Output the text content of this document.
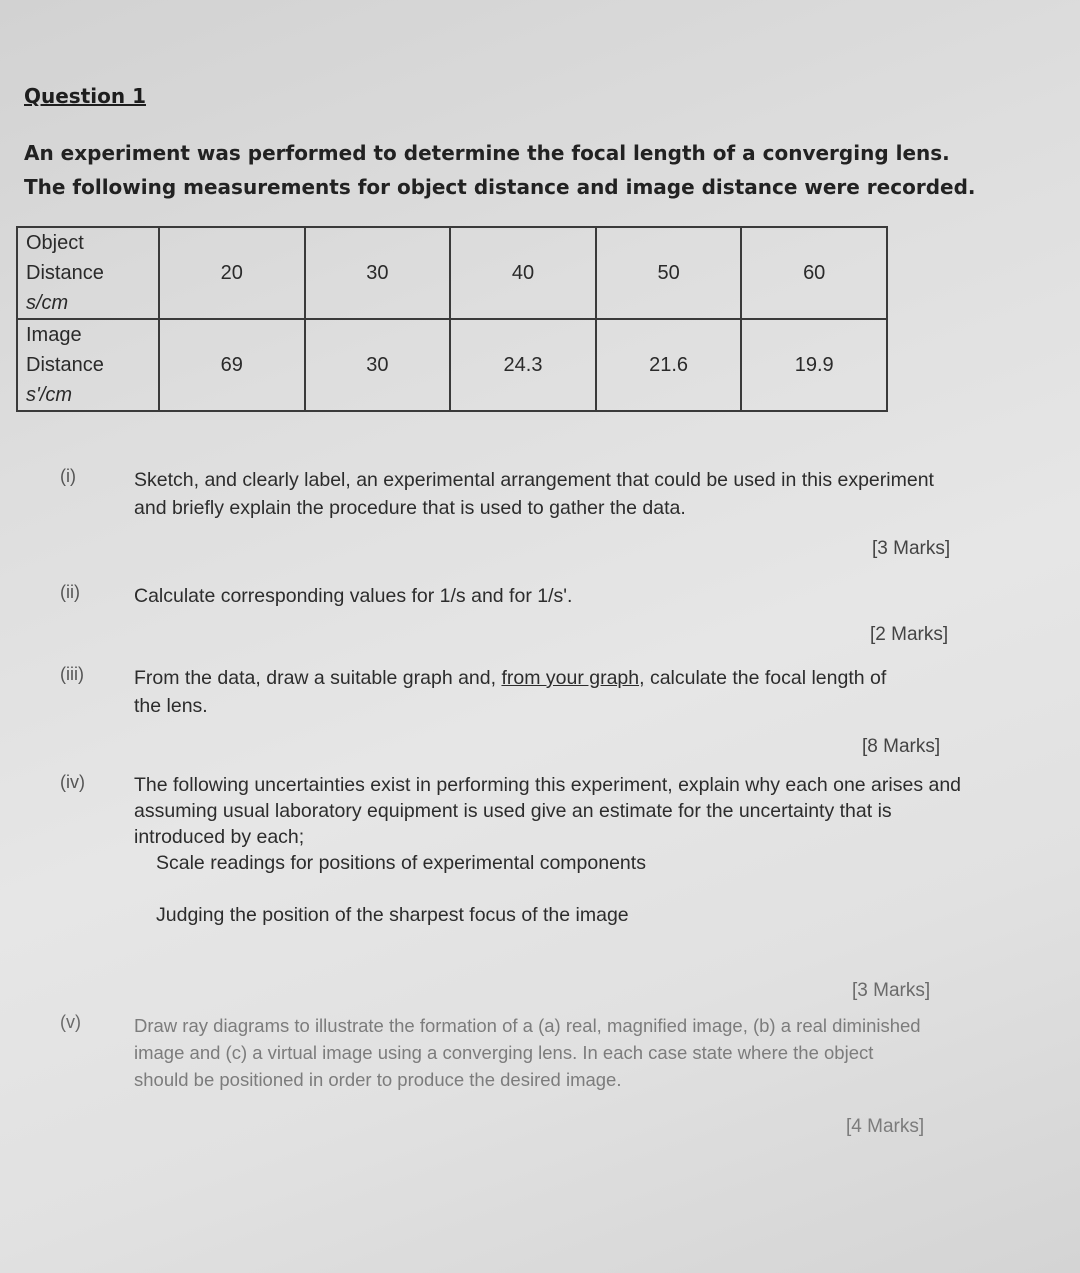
Question 1
An experiment was performed to determine the focal length of a converging lens. The following measurements for object distance and image distance were recorded.
Object
Distance
s/cm	20	30	40	50	60

Image
Distance
s'/cm	69	30	24.3	21.6	19.9
(i)	Sketch, and clearly label, an experimental arrangement that could be used in this experiment and briefly explain the procedure that is used to gather the data.
[3 Marks]
(ii)	Calculate corresponding values for 1/s and for 1/s'.
[2 Marks]
(iii)	From the data, draw a suitable graph and, from your graph, calculate the focal length of the lens.
[8 Marks]
(iv)	The following uncertainties exist in performing this experiment, explain why each one arises and assuming usual laboratory equipment is used give an estimate for the uncertainty that is introduced by each;
Scale readings for positions of experimental components
Judging the position of the sharpest focus of the image
[3 Marks]
(v)	Draw ray diagrams to illustrate the formation of a (a) real, magnified image, (b) a real diminished image and (c) a virtual image using a converging lens. In each case state where the object should be positioned in order to produce the desired image.
[4 Marks]
